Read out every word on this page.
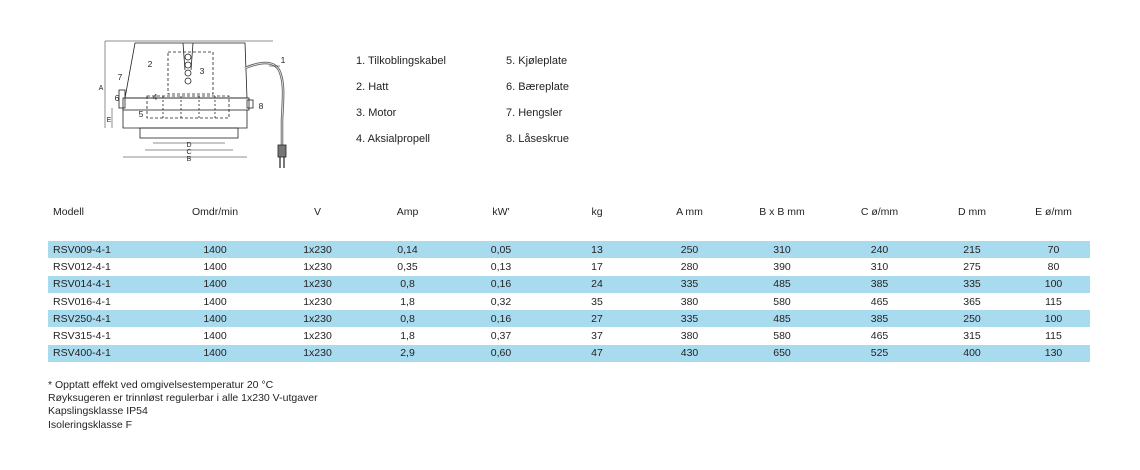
1
2
3
4
5
6
7
8
A
B
C
D
E
1. Tilkoblingskabel
2. Hatt
3. Motor
4. Aksialpropell
5. Kjøleplate
6. Bæreplate
7. Hengsler
8. Låseskrue
Modell	Omdr/min	V	Amp	kW'	kg	A mm	B x B mm	C ø/mm	D mm	E ø/mm

RSV009-4-1	1400	1x230	0,14	0,05	13	250	310	240	215	70
RSV012-4-1	1400	1x230	0,35	0,13	17	280	390	310	275	80
RSV014-4-1	1400	1x230	0,8	0,16	24	335	485	385	335	100
RSV016-4-1	1400	1x230	1,8	0,32	35	380	580	465	365	115
RSV250-4-1	1400	1x230	0,8	0,16	27	335	485	385	250	100
RSV315-4-1	1400	1x230	1,8	0,37	37	380	580	465	315	115
RSV400-4-1	1400	1x230	2,9	0,60	47	430	650	525	400	130
* Opptatt effekt ved omgivelsestemperatur 20 °C
Røyksugeren er trinnløst regulerbar i alle 1x230 V-utgaver
Kapslingsklasse IP54
Isoleringsklasse F
